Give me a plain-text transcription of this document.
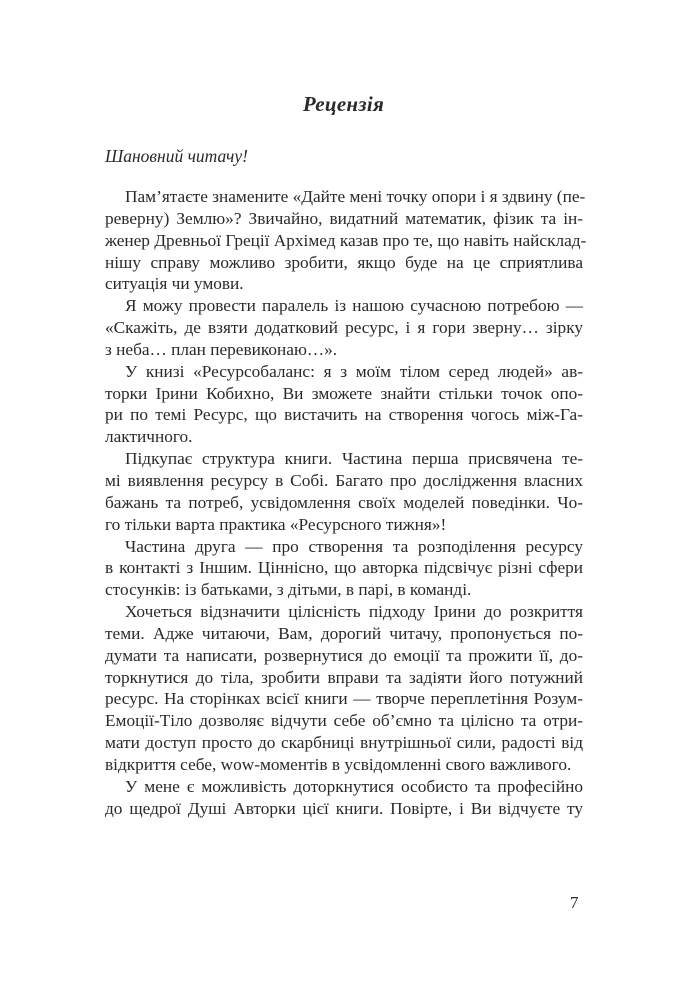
Рецензія
Шановний читачу!
Пам’ятаєте знамените «Дайте мені точку опори і я здвину (пе-
реверну) Землю»? Звичайно, видатний математик, фізик та ін-
женер Древньої Греції Архімед казав про те, що навіть найсклад-
нішу справу можливо зробити, якщо буде на це сприятлива
ситуація чи умови.
Я можу провести паралель із нашою сучасною потребою —
«Скажіть, де взяти додатковий ресурс, і я гори зверну… зірку
з неба… план перевиконаю…».
У книзі «Ресурсобаланс: я з моїм тілом серед людей» ав-
торки Ірини Кобихно, Ви зможете знайти стільки точок опо-
ри по темі Ресурс, що вистачить на створення чогось між-Га-
лактичного.
Підкупає структура книги. Частина перша присвячена те-
мі виявлення ресурсу в Собі. Багато про дослідження власних
бажань та потреб, усвідомлення своїх моделей поведінки. Чо-
го тільки варта практика «Ресурсного тижня»!
Частина друга — про створення та розподілення ресурсу
в контакті з Іншим. Ціннісно, що авторка підсвічує різні сфери
стосунків: із батьками, з дітьми, в парі, в команді.
Хочеться відзначити цілісність підходу Ірини до розкриття
теми. Адже читаючи, Вам, дорогий читачу, пропонується по-
думати та написати, розвернутися до емоції та прожити її, до-
торкнутися до тіла, зробити вправи та задіяти його потужний
ресурс. На сторінках всієї книги — творче переплетіння Розум-
Емоції-Тіло дозволяє відчути себе об’ємно та цілісно та отри-
мати доступ просто до скарбниці внутрішньої сили, радості від
відкриття себе, wow-моментів в усвідомленні свого важливого.
У мене є можливість доторкнутися особисто та професійно
до щедрої Душі Авторки цієї книги. Повірте, і Ви відчуєте ту
7
